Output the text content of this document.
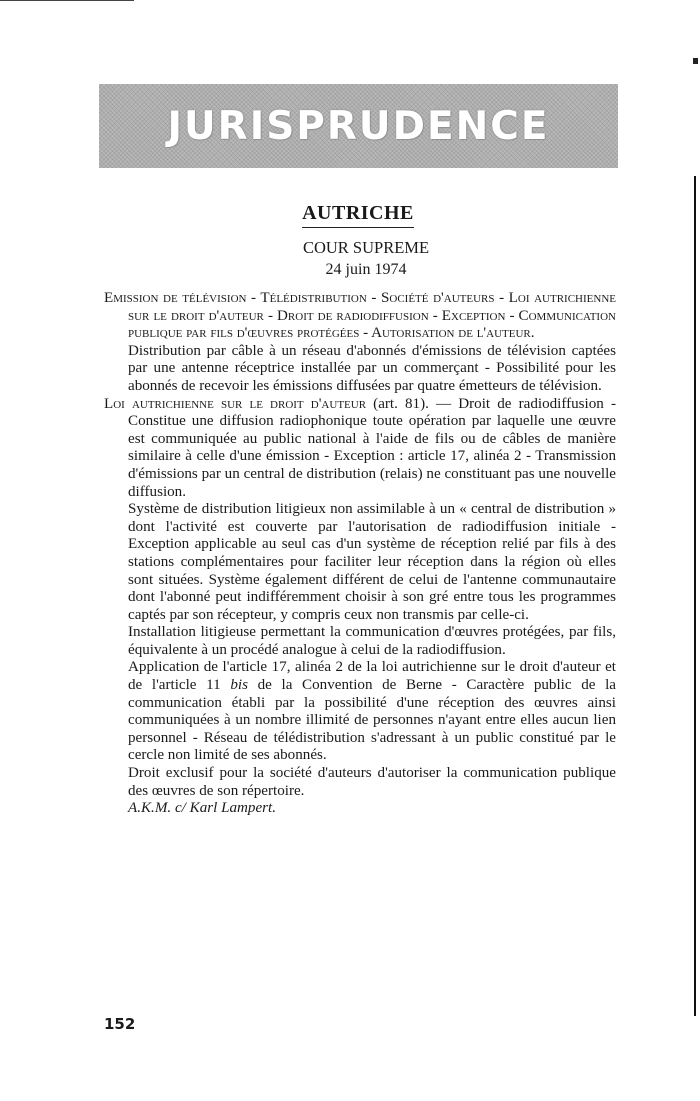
JURISPRUDENCE
AUTRICHE
COUR SUPREME
24 juin 1974

Emission de télévision - Télédistribution - Société d'auteurs - Loi autrichienne sur le droit d'auteur - Droit de radiodiffusion - Exception - Communication publique par fils d'œuvres protégées - Autorisation de l'auteur.

Distribution par câble à un réseau d'abonnés d'émissions de télévision captées par une antenne réceptrice installée par un commerçant - Possibilité pour les abonnés de recevoir les émissions diffusées par quatre émetteurs de télévision.

Loi autrichienne sur le droit d'auteur (art. 81). — Droit de radiodiffusion - Constitue une diffusion radiophonique toute opération par laquelle une œuvre est communiquée au public national à l'aide de fils ou de câbles de manière similaire à celle d'une émission - Exception : article 17, alinéa 2 - Transmission d'émissions par un central de distribution (relais) ne constituant pas une nouvelle diffusion.

Système de distribution litigieux non assimilable à un « central de distribution » dont l'activité est couverte par l'autorisation de radiodiffusion initiale - Exception applicable au seul cas d'un système de réception relié par fils à des stations complémentaires pour faciliter leur réception dans la région où elles sont situées. Système également différent de celui de l'antenne communautaire dont l'abonné peut indifféremment choisir à son gré entre tous les programmes captés par son récepteur, y compris ceux non transmis par celle-ci.

Installation litigieuse permettant la communication d'œuvres protégées, par fils, équivalente à un procédé analogue à celui de la radiodiffusion.

Application de l'article 17, alinéa 2 de la loi autrichienne sur le droit d'auteur et de l'article 11 bis de la Convention de Berne - Caractère public de la communication établi par la possibilité d'une réception des œuvres ainsi communiquées à un nombre illimité de personnes n'ayant entre elles aucun lien personnel - Réseau de télédistribution s'adressant à un public constitué par le cercle non limité de ses abonnés.

Droit exclusif pour la société d'auteurs d'autoriser la communication publique des œuvres de son répertoire.

A.K.M. c/ Karl Lampert.

152
